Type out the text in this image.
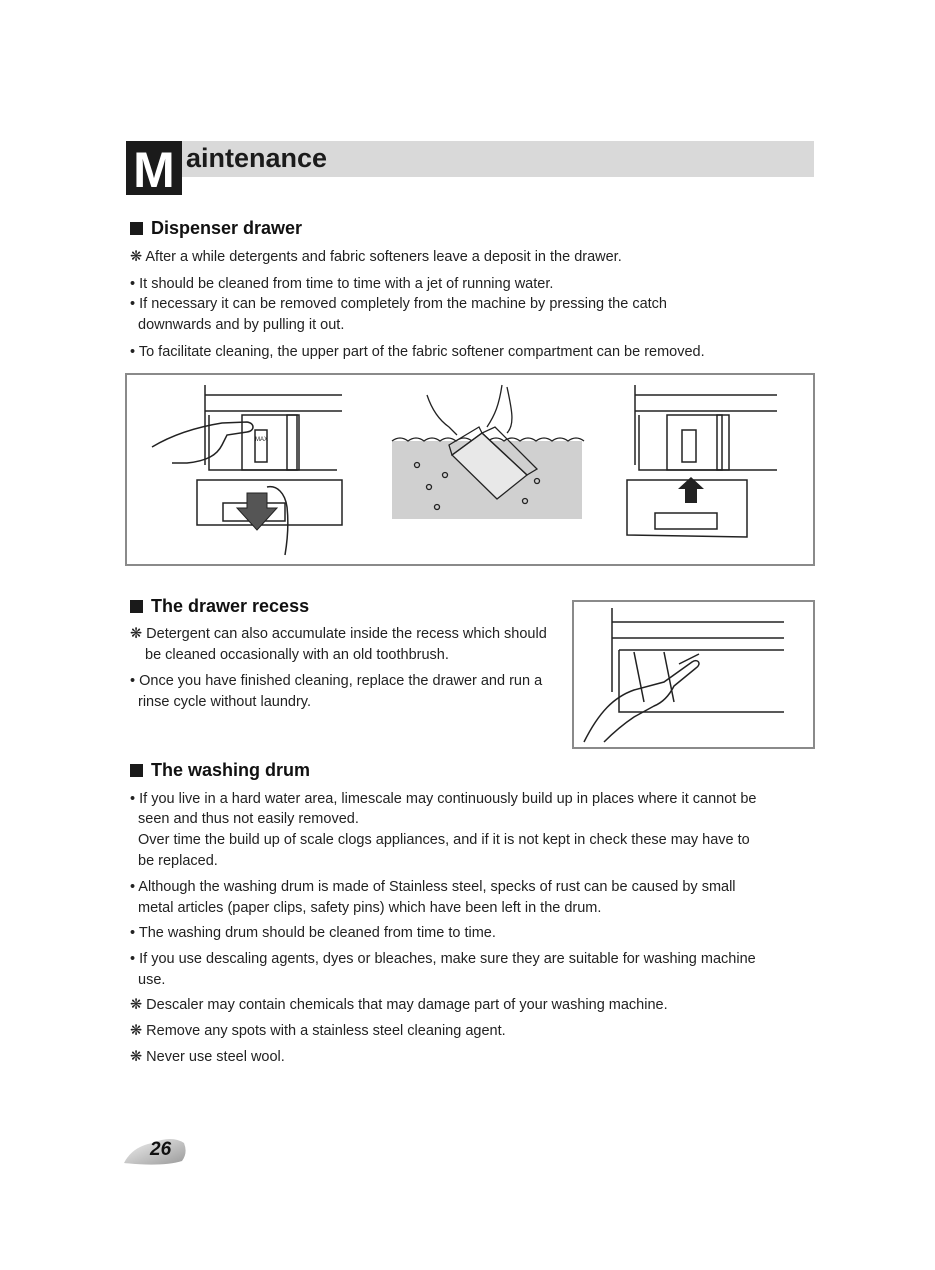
M aintenance
Dispenser drawer
❋ After a while detergents and fabric softeners leave a deposit in the drawer.
• It should be cleaned from time to time with a jet of running water.
• If necessary it can be removed completely from the machine by pressing the catch
downwards and by pulling it out.
• To facilitate cleaning, the upper part of the fabric softener compartment can be removed.
MAX
The drawer recess
❋ Detergent can also accumulate inside the recess which should
be cleaned occasionally with an old toothbrush.
• Once you have finished cleaning, replace the drawer and run a
rinse cycle without laundry.
The washing drum
• If you live in a hard water area, limescale may continuously build up in places where it cannot be
seen and thus not easily removed.
Over time the build up of scale clogs appliances, and if it is not kept in check these may have to
be replaced.
• Although the washing drum is made of Stainless steel, specks of rust can be caused by small
metal articles (paper clips, safety pins) which have been left in the drum.
• The washing drum should be cleaned from time to time.
• If you use descaling agents, dyes or bleaches, make sure they are suitable for washing machine
use.
❋ Descaler may contain chemicals that may damage part of your washing machine.
❋ Remove any spots with a stainless steel cleaning agent.
❋ Never use steel wool.
26
